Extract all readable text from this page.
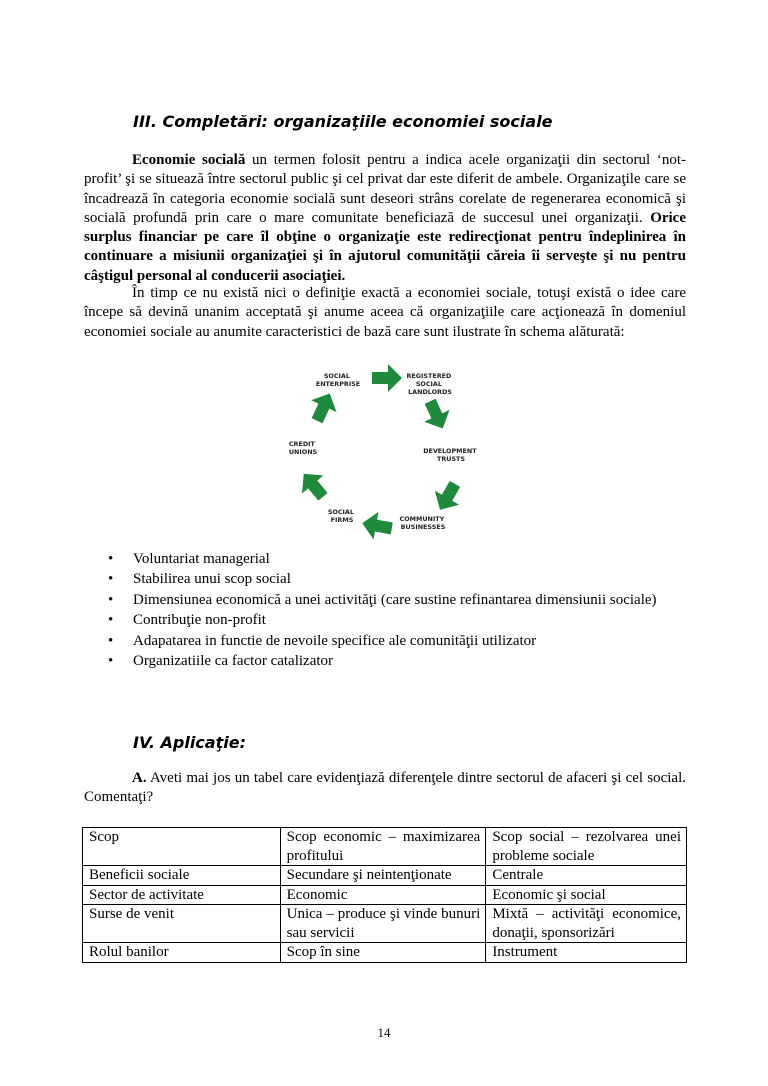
III. Completări: organizaţiile economiei sociale

Economie socială un termen folosit pentru a indica acele organizaţii din sectorul ‘not-profit’ şi se situează între sectorul public şi cel privat dar este diferit de ambele. Organizaţile care se încadrează în categoria economie socială sunt deseori strâns corelate de regenerarea economică şi socială profundă prin care o mare comunitate beneficiază de succesul unei organizaţii. Orice surplus financiar pe care îl obţine o organizaţie este redirecţionat pentru îndeplinirea în continuare a misiunii organizaţiei şi în ajutorul comunităţii căreia îi serveşte şi nu pentru câştigul personal al conducerii asociaţiei.

În timp ce nu există nici o definiţie exactă a economiei sociale, totuşi există o idee care începe să devină unanim acceptată şi anume aceea că organizaţiile care acţionează în domeniul economiei sociale au anumite caracteristici de bază care sunt ilustrate în schema alăturată:

SOCIAL ENTERPRISE
REGISTERED SOCIAL LANDLORDS
DEVELOPMENT TRUSTS
COMMUNITY BUSINESSES
SOCIAL FIRMS
CREDIT UNIONS
• Voluntariat managerial
• Stabilirea unui scop social
• Dimensiunea economică a unei activităţi (care sustine refinantarea dimensiunii sociale)
• Contribuţie non-profit
• Adapatarea in functie de nevoile specifice ale comunităţii utilizator
• Organizatiile ca factor catalizator
IV. Aplicaţie:

A. Aveti mai jos un tabel care evidenţiază diferenţele dintre sectorul de afaceri şi cel social. Comentaţi?

Scop	Scop economic – maximizarea profitului	Scop social – rezolvarea unei probleme sociale
Beneficii sociale	Secundare şi neintenţionate	Centrale
Sector de activitate	Economic	Economic şi social
Surse de venit	Unica – produce şi vinde bunuri sau servicii	Mixtă – activităţi economice, donaţii, sponsorizări
Rolul banilor	Scop în sine	Instrument

14
